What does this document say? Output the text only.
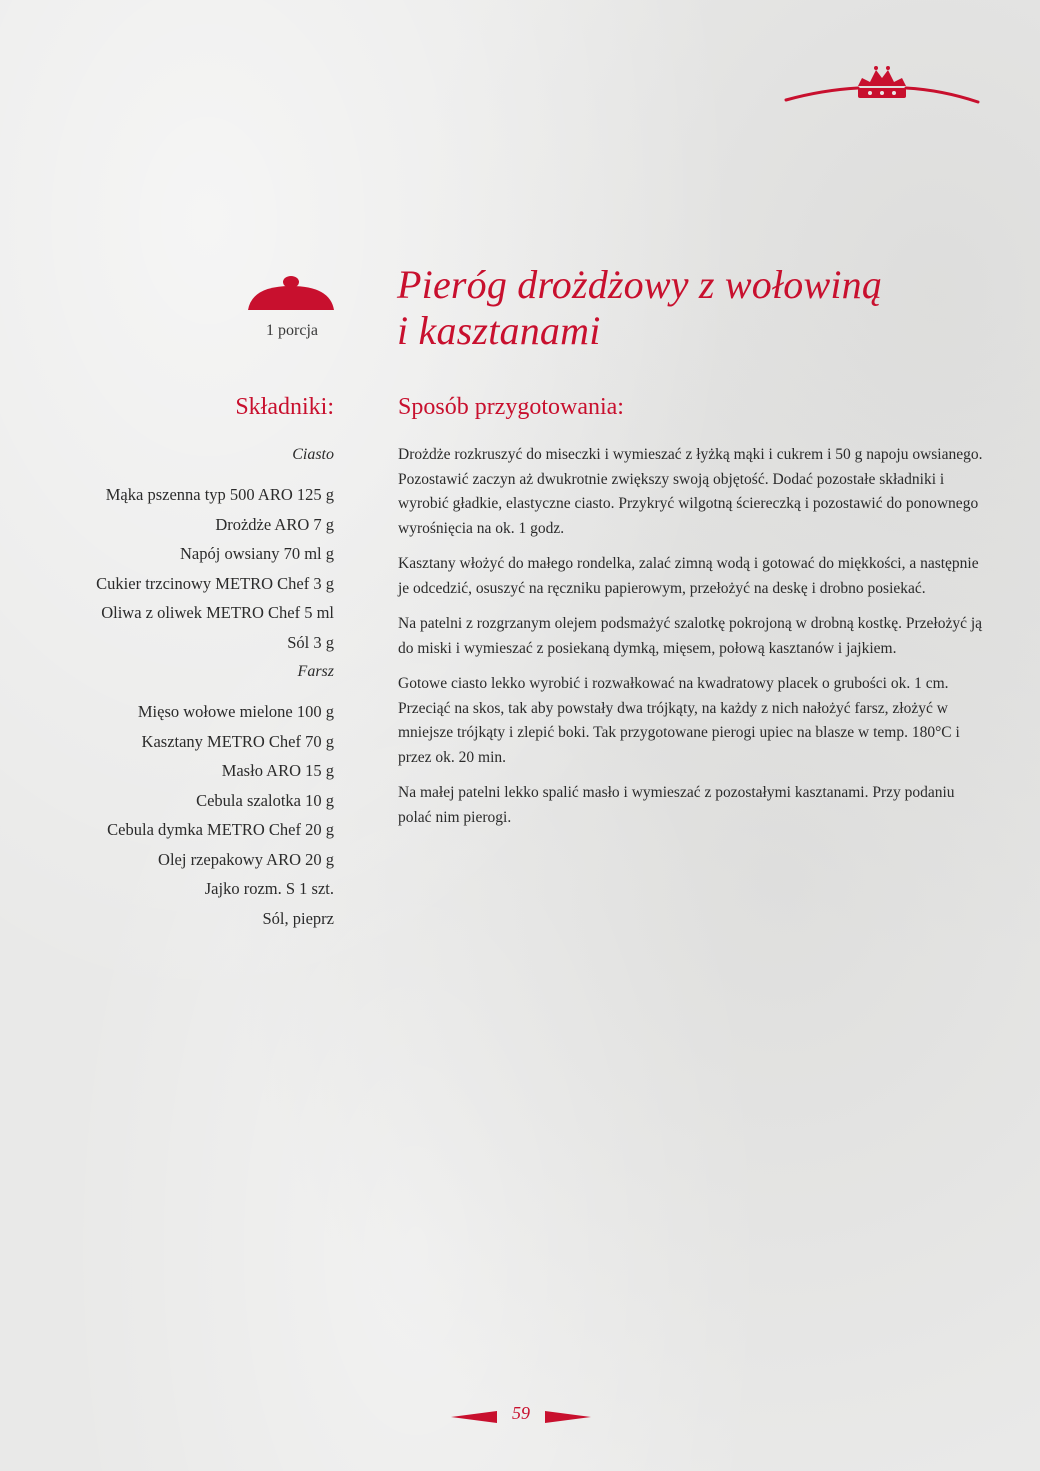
1 porcja
Pieróg drożdżowy z wołowiną
i kasztanami
Składniki:	Sposób przygotowania:
Ciasto
Mąka pszenna typ 500 ARO 125 g
Drożdże ARO 7 g
Napój owsiany 70 ml g
Cukier trzcinowy METRO Chef 3 g
Oliwa z oliwek METRO Chef 5 ml
Sól 3 g
Farsz
Mięso wołowe mielone 100 g
Kasztany METRO Chef 70 g
Masło ARO 15 g
Cebula szalotka 10 g
Cebula dymka METRO Chef 20 g
Olej rzepakowy ARO 20 g
Jajko rozm. S 1 szt.
Sól, pieprz

Drożdże rozkruszyć do miseczki i wymieszać z łyżką mąki i cukrem i 50 g napoju owsianego. Pozostawić zaczyn aż dwukrotnie zwiększy swoją objętość. Dodać pozostałe składniki i wyrobić gładkie, elastyczne ciasto. Przykryć wilgotną ściereczką i pozostawić do ponownego wyrośnięcia na ok. 1 godz.

Kasztany włożyć do małego rondelka, zalać zimną wodą i gotować do miękkości, a następnie je odcedzić, osuszyć na ręczniku papierowym, przełożyć na deskę i drobno posiekać.

Na patelni z rozgrzanym olejem podsmażyć szalotkę pokrojoną w drobną kostkę. Przełożyć ją do miski i wymieszać z posiekaną dymką, mięsem, połową kasztanów i jajkiem.

Gotowe ciasto lekko wyrobić i rozwałkować na kwadratowy placek o grubości ok. 1 cm. Przeciąć na skos, tak aby powstały dwa trójkąty, na każdy z nich nałożyć farsz, złożyć w mniejsze trójkąty i zlepić boki. Tak przygotowane pierogi upiec na blasze w temp. 180°C i przez ok. 20 min.

Na małej patelni lekko spalić masło i wymieszać z pozostałymi kasztanami. Przy podaniu polać nim pierogi.

59
